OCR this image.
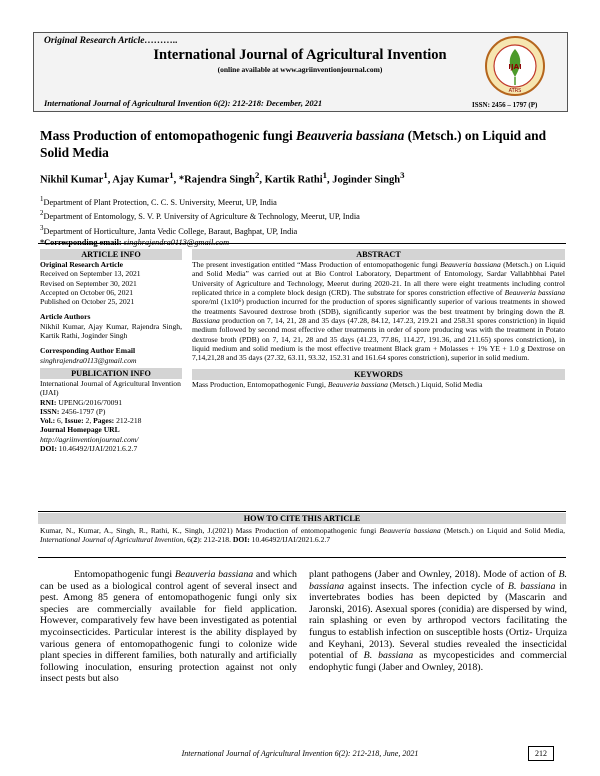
Original Research Article………..
International Journal of Agricultural Invention
(online available at www.agriinventionjournal.com)
International Journal of Agricultural Invention 6(2): 212-218: December, 2021	ISSN: 2456 – 1797 (P)
IJAI
ATRS
Mass Production of entomopathogenic fungi Beauveria bassiana (Metsch.) on Liquid and Solid Media
Nikhil Kumar$^1$, Ajay Kumar$^1$, *Rajendra Singh$^2$, Kartik Rathi$^1$, Joginder Singh$^3$
$^1$Department of Plant Protection, C. C. S. University, Meerut, UP, India
$^2$Department of Entomology, S. V. P. University of Agriculture & Technology, Meerut, UP, India
$^3$Department of Horticulture, Janta Vedic College, Baraut, Baghpat, UP, India
*Corresponding email: singhrajendra0113@gmail.com
ARTICLE INFO
Original Research Article
Received on September 13, 2021
Revised on September 30, 2021
Accepted on October 06, 2021
Published on October 25, 2021
Article Authors
Nikhil Kumar, Ajay Kumar, Rajendra Singh, Kartik Rathi, Joginder Singh
Corresponding Author Email
singhrajendra0113@gmail.com
PUBLICATION INFO
International Journal of Agricultural Invention (IJAI)
RNI: UPENG/2016/70091
ISSN: 2456-1797 (P)
Vol.: 6, Issue: 2, Pages: 212-218
Journal Homepage URL
http://agriinventionjournal.com/
DOI: 10.46492/IJAI/2021.6.2.7
ABSTRACT

The present investigation entitled “Mass Production of entomopathogenic fungi Beauveria bassiana (Metsch.) on Liquid and Solid Media” was carried out at Bio Control Laboratory, Department of Entomology, Sardar Vallabhbhai Patel University of Agriculture and Technology, Meerut during 2020-21. In all there were eight treatments including control replicated thrice in a complete block design (CRD). The substrate for spores constriction effective of Beauveria bassiana spore/ml (1x10⁶) production incurred for the production of spores significantly superior of various treatments in showed the treatments Savoured dextrose broth (SDB), significantly superior was the best treatment by bringing down the B. Bassiana production on 7, 14, 21, 28 and 35 days (47.28, 84.12, 147.23, 219.21 and 258.31 spores constriction) in liquid medium followed by second most effective other treatments in order of spore producing was with the treatment in Potato dextrose broth (PDB) on 7, 14, 21, 28 and 35 days (41.23, 77.86, 114.27, 191.36, and 211.65) spores constriction), in liquid medium and solid medium is the most effective treatment Black gram + Molasses + 1% YE + 1.0 g Dextrose on 7,14,21,28 and 35 days (27.32, 63.11, 93.32, 152.31 and 161.64 spores constriction), superior in solid medium.

KEYWORDS

Mass Production, Entomopathogenic Fungi, Beauveria bassiana (Metsch.) Liquid, Solid Media

HOW TO CITE THIS ARTICLE
Kumar, N., Kumar, A., Singh, R., Rathi, K., Singh, J.(2021) Mass Production of entomopathogenic fungi Beauveria bassiana (Metsch.) on Liquid and Solid Media, International Journal of Agricultural Invention, 6(2): 212-218. DOI: 10.46492/IJAI/2021.6.2.7

Entomopathogenic fungi Beauveria bassiana and which can be used as a biological control agent of several insect and pest. Among 85 genera of entomopathogenic fungi only six species are commercially available for field application. However, comparatively few have been investigated as potential mycoinsecticides. Particular interest is the ability displayed by various genera of entomopathogenic fungi to colonize wide plant species in different families, both naturally and artificially following inoculation, ensuring protection against not only insect pests but also

plant pathogens (Jaber and Ownley, 2018). Mode of action of B. bassiana against insects. The infection cycle of B. bassiana in invertebrates bodies has been depicted by (Mascarin and Jaronski, 2016). Asexual spores (conidia) are dispersed by wind, rain splashing or even by arthropod vectors facilitating the fungus to establish infection on susceptible hosts (Ortiz- Urquiza and Keyhani, 2013). Several studies revealed the insecticidal potential of B. bassiana as mycopesticides and commercial endophytic fungi (Jaber and Ownley, 2018).

International Journal of Agricultural Invention 6(2): 212-218, June, 2021	212
